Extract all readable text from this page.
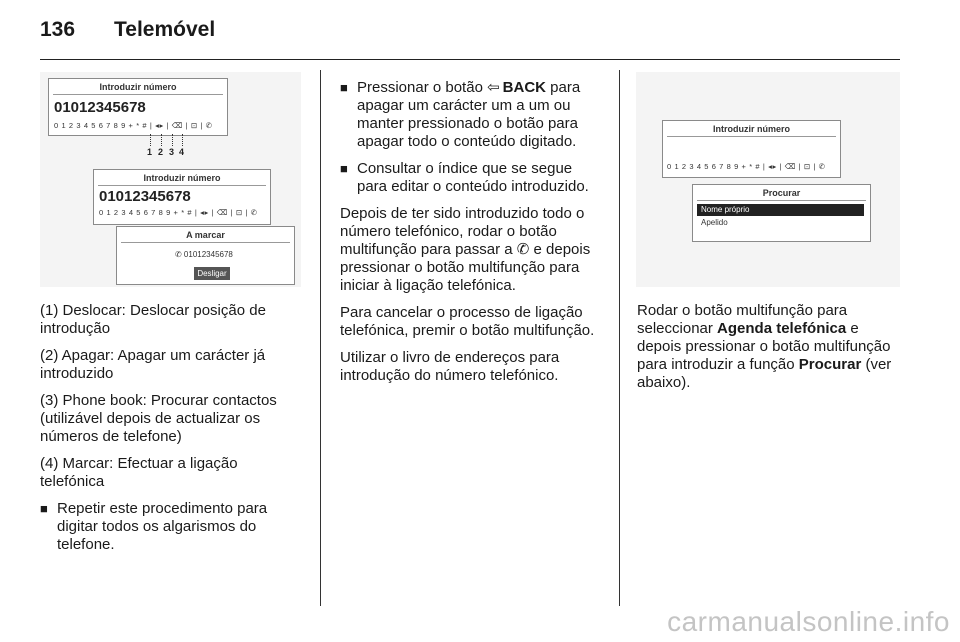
136 Telemóvel
Introduzir número
01012345678
0 1 2 3 4 5 6 7 8 9 + * # | ◂▸ | ⌫ | ⊡ | ✆
1 2 3 4
Introduzir número
01012345678
0 1 2 3 4 5 6 7 8 9 + * # | ◂▸ | ⌫ | ⊡ | ✆
A marcar
✆ 01012345678
Desligar

(1) Deslocar: Deslocar posição de introdução

(2) Apagar: Apagar um carácter já introduzido

(3) Phone book: Procurar contactos (utilizável depois de actualizar os números de telefone)

(4) Marcar: Efectuar a ligação telefónica

■ Repetir este procedimento para digitar todos os algarismos do telefone.
■ Pressionar o botão ⇦  BACK para apagar um carácter um a um ou manter pressionado o botão para apagar todo o conteúdo digitado.
■ Consultar o índice que se segue para editar o conteúdo introduzido.

Depois de ter sido introduzido todo o número telefónico, rodar o botão multifunção para passar a ✆ e depois pressionar o botão multifunção para iniciar à ligação telefónica.

Para cancelar o processo de ligação telefónica, premir o botão multifunção.

Utilizar o livro de endereços para introdução do número telefónico.

Introduzir número
0 1 2 3 4 5 6 7 8 9 + * # | ◂▸ | ⌫ | ⊡ | ✆
Procurar
Nome próprio
Apelido

Rodar o botão multifunção para seleccionar Agenda telefónica e depois pressionar o botão multifunção para introduzir a função Procurar (ver abaixo).

carmanualsonline.info
